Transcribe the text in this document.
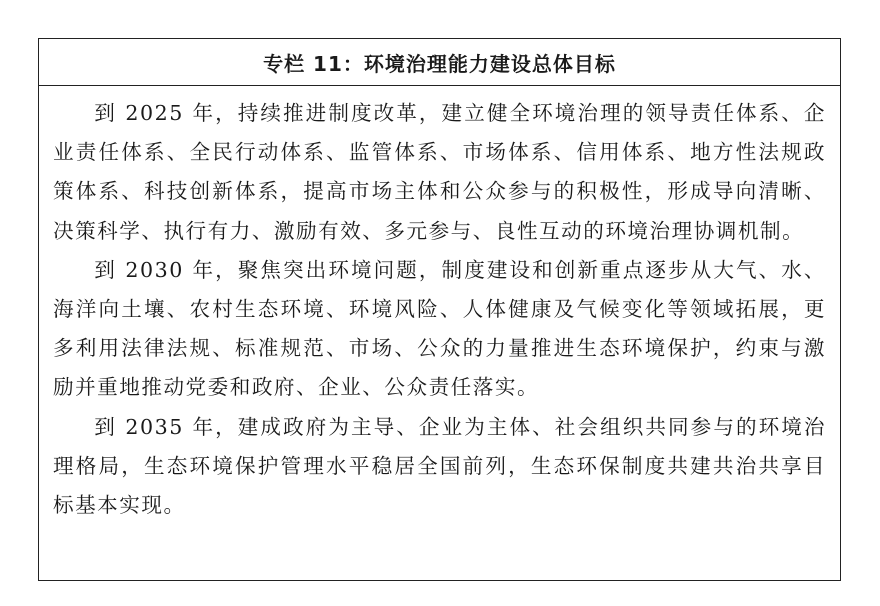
专栏 11：环境治理能力建设总体目标

到 2025 年，持续推进制度改革，建立健全环境治理的领导责任体系、企业责任体系、全民行动体系、监管体系、市场体系、信用体系、地方性法规政策体系、科技创新体系，提高市场主体和公众参与的积极性，形成导向清晰、决策科学、执行有力、激励有效、多元参与、良性互动的环境治理协调机制。

到 2030 年，聚焦突出环境问题，制度建设和创新重点逐步从大气、水、海洋向土壤、农村生态环境、环境风险、人体健康及气候变化等领域拓展，更多利用法律法规、标准规范、市场、公众的力量推进生态环境保护，约束与激励并重地推动党委和政府、企业、公众责任落实。

到 2035 年，建成政府为主导、企业为主体、社会组织共同参与的环境治理格局，生态环境保护管理水平稳居全国前列，生态环保制度共建共治共享目标基本实现。
